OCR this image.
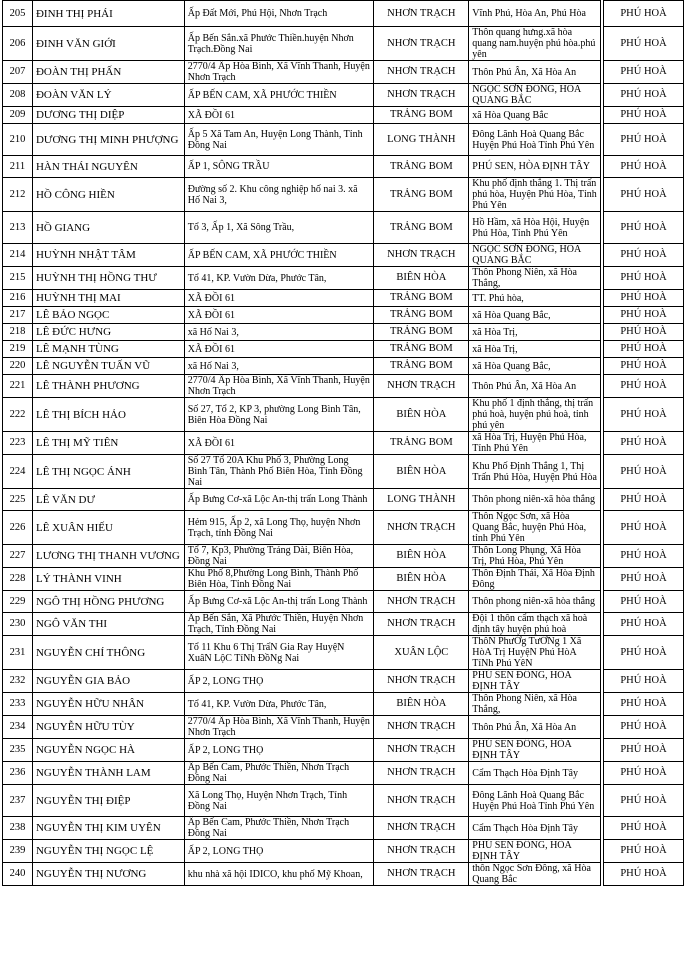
205	ĐINH THỊ PHÁI	Ấp Đất Mới, Phú Hội, Nhơn Trạch	NHƠN TRẠCH	Vĩnh Phú, Hòa An, Phú Hòa		PHÚ HOÀ
206	ĐINH VĂN GIỚI	Ấp Bến Sắn.xã Phước Thiền.huyện Nhơn Trạch.Đồng Nai	NHƠN TRẠCH	Thôn quang hưng.xã hòa quang nam.huyện phú hòa.phú yên		PHÚ HOÀ
207	ĐOÀN THỊ PHẤN	2770/4 Ấp Hòa Bình, Xã Vĩnh Thanh, Huyện Nhơn Trạch	NHƠN TRẠCH	Thôn Phú Ân, Xã Hòa An		PHÚ HOÀ
208	ĐOÀN VĂN LÝ	ẤP BẾN CAM, XÃ PHƯỚC THIỀN	NHƠN TRẠCH	NGỌC SƠN ĐÔNG, HÒA QUANG BẮC		PHÚ HOÀ
209	DƯƠNG THỊ DIỆP	XÃ ĐỒI 61	TRẢNG BOM	xã Hòa Quang Bắc		PHÚ HOÀ
210	DƯƠNG THỊ MINH PHƯỢNG	Ấp 5 Xã Tam An, Huyện Long Thành, Tỉnh Đồng Nai	LONG THÀNH	Đông Lãnh Hoà Quang Bắc Huyện Phú Hoà Tỉnh Phú Yên		PHÚ HOÀ
211	HÀN THÁI NGUYÊN	ẤP 1, SÔNG TRẦU	TRẢNG BOM	PHÚ SEN, HÒA ĐỊNH TÂY		PHÚ HOÀ
212	HỒ CÔNG HIỀN	Đường số 2. Khu công nghiệp hố nai 3. xã Hố Nai 3,	TRẢNG BOM	Khu phố định thắng 1. Thị trấn phú hòa, Huyện Phú Hòa, Tỉnh Phú Yên		PHÚ HOÀ
213	HỒ GIANG	Tổ 3, Ấp 1, Xã Sông Trầu,	TRẢNG BOM	Hồ Hầm, xã Hòa Hội, Huyện Phú Hòa, Tỉnh Phú Yên		PHÚ HOÀ
214	HUỲNH NHẬT TÂM	ẤP BẾN CAM, XÃ PHƯỚC THIỀN	NHƠN TRẠCH	NGỌC SƠN ĐÔNG, HÒA QUANG BẮC		PHÚ HOÀ
215	HUỲNH THỊ HỒNG THƯ	Tổ 41, KP. Vườn Dừa, Phước Tân,	BIÊN HÒA	Thôn Phong Niên, xã Hòa Thắng,		PHÚ HOÀ
216	HUỲNH THỊ MAI	XÃ ĐỒI 61	TRẢNG BOM	TT. Phú hòa,		PHÚ HOÀ
217	LÊ BẢO NGỌC	XÃ ĐỒI 61	TRẢNG BOM	xã Hòa Quang Bắc,		PHÚ HOÀ
218	LÊ ĐỨC HƯNG	xã Hố Nai 3,	TRẢNG BOM	xã Hòa Trị,		PHÚ HOÀ
219	LÊ MẠNH TÙNG	XÃ ĐỒI 61	TRẢNG BOM	xã Hòa Trị,		PHÚ HOÀ
220	LÊ NGUYỄN TUẤN VŨ	xã Hố Nai 3,	TRẢNG BOM	xã Hòa Quang Bắc,		PHÚ HOÀ
221	LÊ THÀNH PHƯƠNG	2770/4 Ấp Hòa Bình, Xã Vĩnh Thanh, Huyện Nhơn Trạch	NHƠN TRẠCH	Thôn Phú Ân, Xã Hòa An		PHÚ HOÀ
222	LÊ THỊ BÍCH HẢO	Số 27, Tổ 2, KP 3, phường Long Bình Tân, Biên Hòa Đồng Nai	BIÊN HÒA	Khu phố 1 định thắng, thị trấn phú hoà, huyện phú hoà, tỉnh phú yên		PHÚ HOÀ
223	LÊ THỊ MỸ TIÊN	XÃ ĐỒI 61	TRẢNG BOM	xã Hòa Trị, Huyện Phú Hòa, Tỉnh Phú Yên		PHÚ HOÀ
224	LÊ THỊ NGỌC ÁNH	Số 27 Tổ 20A Khu Phố 3, Phường Long Bình Tân, Thành Phố Biên Hòa, Tỉnh Đồng Nai	BIÊN HÒA	Khu Phố Định Thắng 1, Thị Trấn Phú Hòa, Huyện Phú Hòa		PHÚ HOÀ
225	LÊ VĂN DƯ	Ấp Bưng Cơ-xã Lộc An-thị trấn Long Thành	LONG THÀNH	Thôn phong niên-xã hòa thắng		PHÚ HOÀ
226	LÊ XUÂN HIẾU	Hẻm 915, Ấp 2, xã Long Thọ, huyện Nhơn Trạch, tỉnh Đồng Nai	NHƠN TRẠCH	Thôn Ngọc Sơn, xã Hòa Quang Bắc, huyện Phú Hòa, tỉnh Phú Yên		PHÚ HOÀ
227	LƯƠNG THỊ THANH VƯƠNG	Tổ 7, Kp3, Phường Trảng Dài, Biên Hòa, Đồng Nai	BIÊN HÒA	Thôn Long Phụng, Xã Hòa Trị, Phú Hòa, Phú Yên		PHÚ HOÀ
228	LÝ THÀNH VINH	Khu Phố 8,Phường Long Bình, Thành Phố Biên Hòa, Tỉnh Đồng Nai	BIÊN HÒA	Thôn Định Thái, Xã Hòa Định Đông		PHÚ HOÀ
229	NGÔ THỊ HỒNG PHƯƠNG	Ấp Bưng Cơ-xã Lộc An-thị trấn Long Thành	NHƠN TRẠCH	Thôn phong niên-xã hòa thắng		PHÚ HOÀ
230	NGÔ VĂN THI	Ấp Bến Sắn, Xã Phước Thiền, Huyện Nhơn Trạch, Tỉnh Đồng Nai	NHƠN TRẠCH	Đội 1 thôn cẩm thạch xã hoà định tây huyện phú hoà		PHÚ HOÀ
231	NGUYỄN CHÍ THÔNG	Tổ 11 Khu 6 Thị TrấN Gia Ray HuyệN XuâN LộC TỉNh ĐồNg Nai	XUÂN LỘC	ThôN PhưỚg TưỚNg 1 Xã HòA Trị HuyệN Phú HòA TỉNh Phú YêN		PHÚ HOÀ
232	NGUYỄN GIA BẢO	ẤP 2, LONG THỌ	NHƠN TRẠCH	PHÚ SEN ĐÔNG, HÒA ĐỊNH TÂY		PHÚ HOÀ
233	NGUYỄN HỮU NHÂN	Tổ 41, KP. Vườn Dừa, Phước Tân,	BIÊN HÒA	Thôn Phong Niên, xã Hòa Thắng,		PHÚ HOÀ
234	NGUYỄN HỮU TÙY	2770/4 Ấp Hòa Bình, Xã Vĩnh Thanh, Huyện Nhơn Trạch	NHƠN TRẠCH	Thôn Phú Ân, Xã Hòa An		PHÚ HOÀ
235	NGUYỄN NGỌC HÀ	ẤP 2, LONG THỌ	NHƠN TRẠCH	PHÚ SEN ĐÔNG, HÒA ĐỊNH TÂY		PHÚ HOÀ
236	NGUYỄN THÀNH LAM	Ấp Bến Cam, Phước Thiền, Nhơn Trạch Đồng Nai	NHƠN TRẠCH	Cẩm Thạch Hòa Định Tây		PHÚ HOÀ
237	NGUYỄN THỊ ĐIỆP	Xã Long Thọ, Huyện Nhơn Trạch, Tỉnh Đồng Nai	NHƠN TRẠCH	Đông Lãnh Hoà Quang Bắc Huyện Phú Hoà Tỉnh Phú Yên		PHÚ HOÀ
238	NGUYỄN THỊ KIM UYÊN	Ấp Bến Cam, Phước Thiền, Nhơn Trạch Đồng Nai	NHƠN TRẠCH	Cẩm Thạch Hòa Định Tây		PHÚ HOÀ
239	NGUYỄN THỊ NGỌC LỆ	ẤP 2, LONG THỌ	NHƠN TRẠCH	PHÚ SEN ĐÔNG, HÒA ĐỊNH TÂY		PHÚ HOÀ
240	NGUYỄN THỊ NƯƠNG	khu nhà xã hội IDICO, khu phố Mỹ Khoan,	NHƠN TRẠCH	thôn Ngọc Sơn Đông, xã Hòa Quang Bắc		PHÚ HOÀ
